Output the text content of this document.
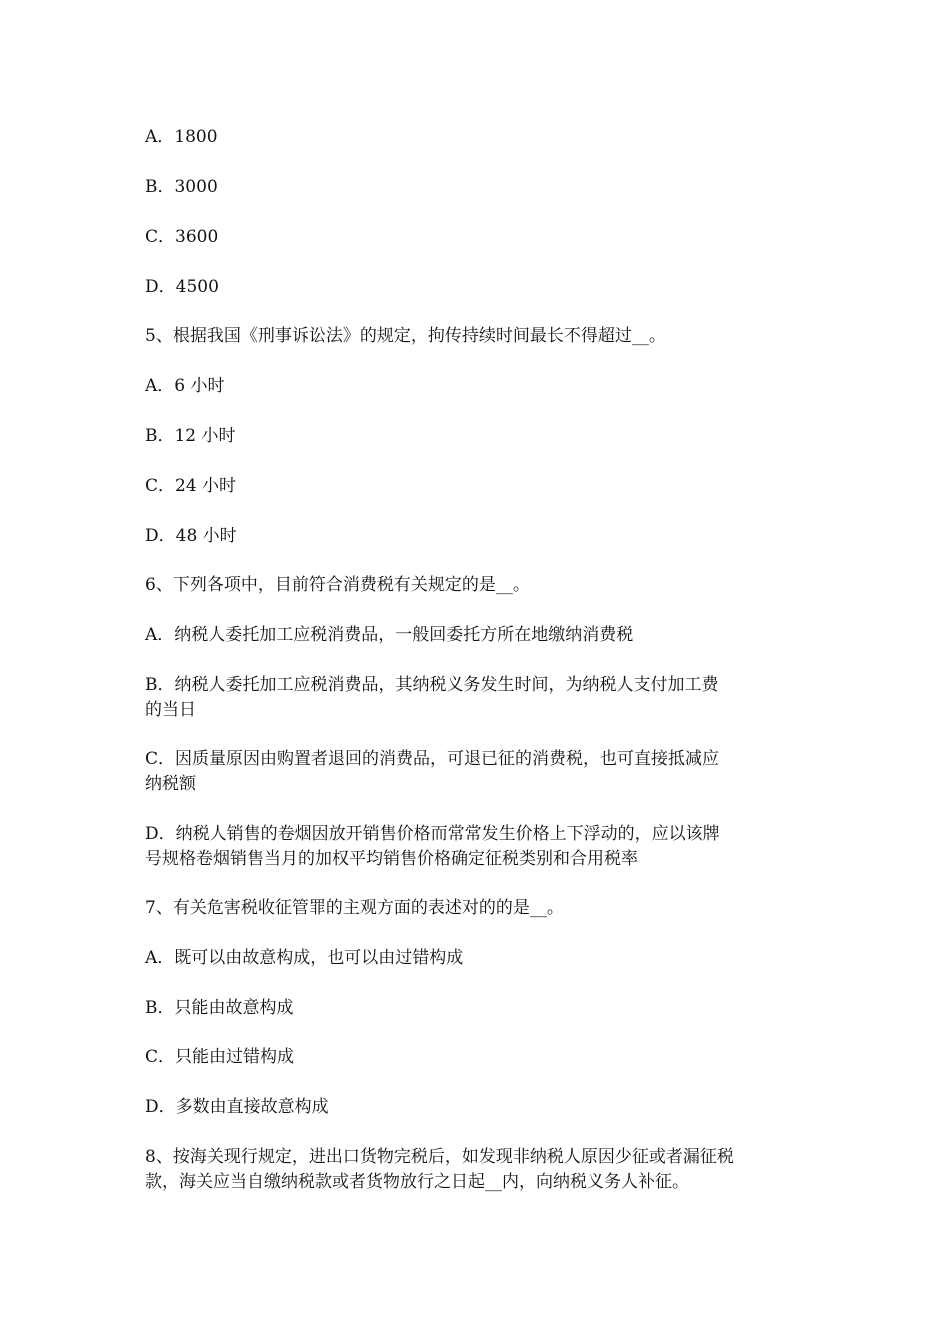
A．1800
B．3000
C．3600
D．4500
5、根据我国《刑事诉讼法》的规定，拘传持续时间最长不得超过__。
A．6 小时
B．12 小时
C．24 小时
D．48 小时
6、下列各项中，目前符合消费税有关规定的是__。
A．纳税人委托加工应税消费品，一般回委托方所在地缴纳消费税
B．纳税人委托加工应税消费品，其纳税义务发生时间，为纳税人支付加工费
的当日
C．因质量原因由购置者退回的消费品，可退已征的消费税，也可直接抵减应
纳税额
D．纳税人销售的卷烟因放开销售价格而常常发生价格上下浮动的，应以该牌
号规格卷烟销售当月的加权平均销售价格确定征税类别和合用税率
7、有关危害税收征管罪的主观方面的表述对的的是__。
A．既可以由故意构成，也可以由过错构成
B．只能由故意构成
C．只能由过错构成
D．多数由直接故意构成
8、按海关现行规定，进出口货物完税后，如发现非纳税人原因少征或者漏征税
款，海关应当自缴纳税款或者货物放行之日起__内，向纳税义务人补征。
